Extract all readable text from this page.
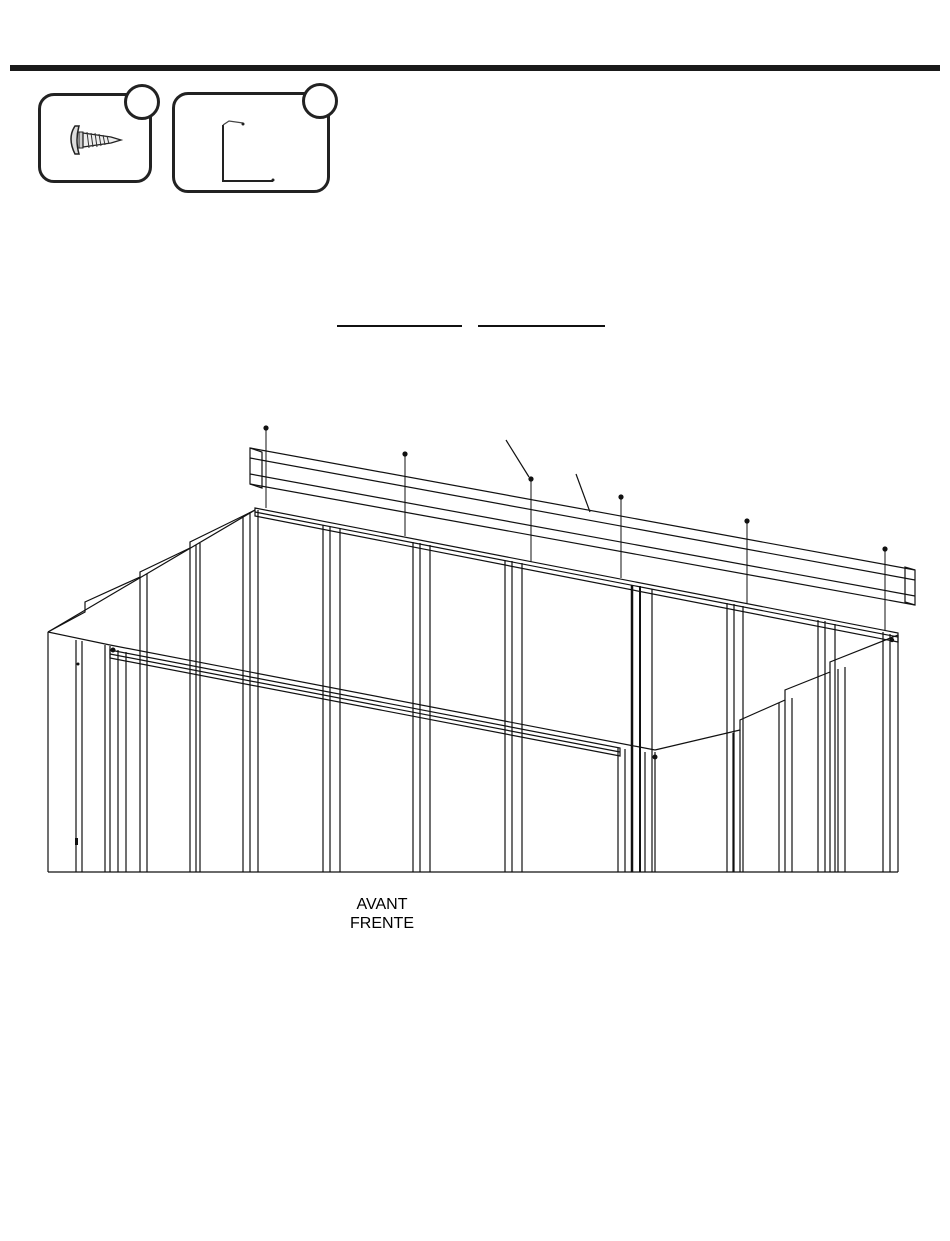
AVANT
FRENTE
